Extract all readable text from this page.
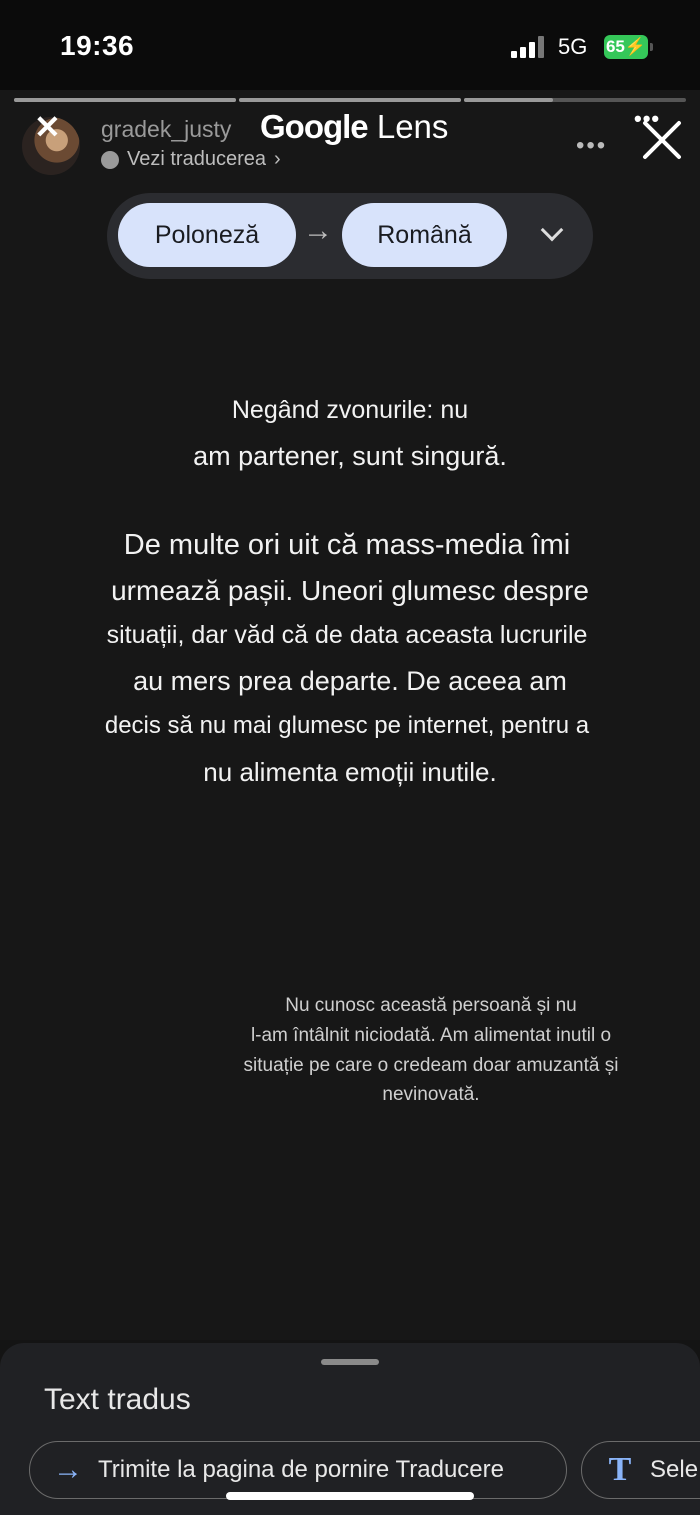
19:36	5G 65⚡
✕ gradek_justy
Vezi traducerea ›
Google Lens
•••
•••
Poloneză	→	Română
Negând zvonurile: nu
am partener, sunt singură.
De multe ori uit că mass-media îmi
urmează pașii. Uneori glumesc despre
situații, dar văd că de data aceasta lucrurile
au mers prea departe. De aceea am
decis să nu mai glumesc pe internet, pentru a
nu alimenta emoții inutile.
Nu cunosc această persoană și nu
l-am întâlnit niciodată. Am alimentat inutil o
situație pe care o credeam doar amuzantă și
nevinovată.
Text tradus
→ Trimite la pagina de pornire Traducere	T Sele
